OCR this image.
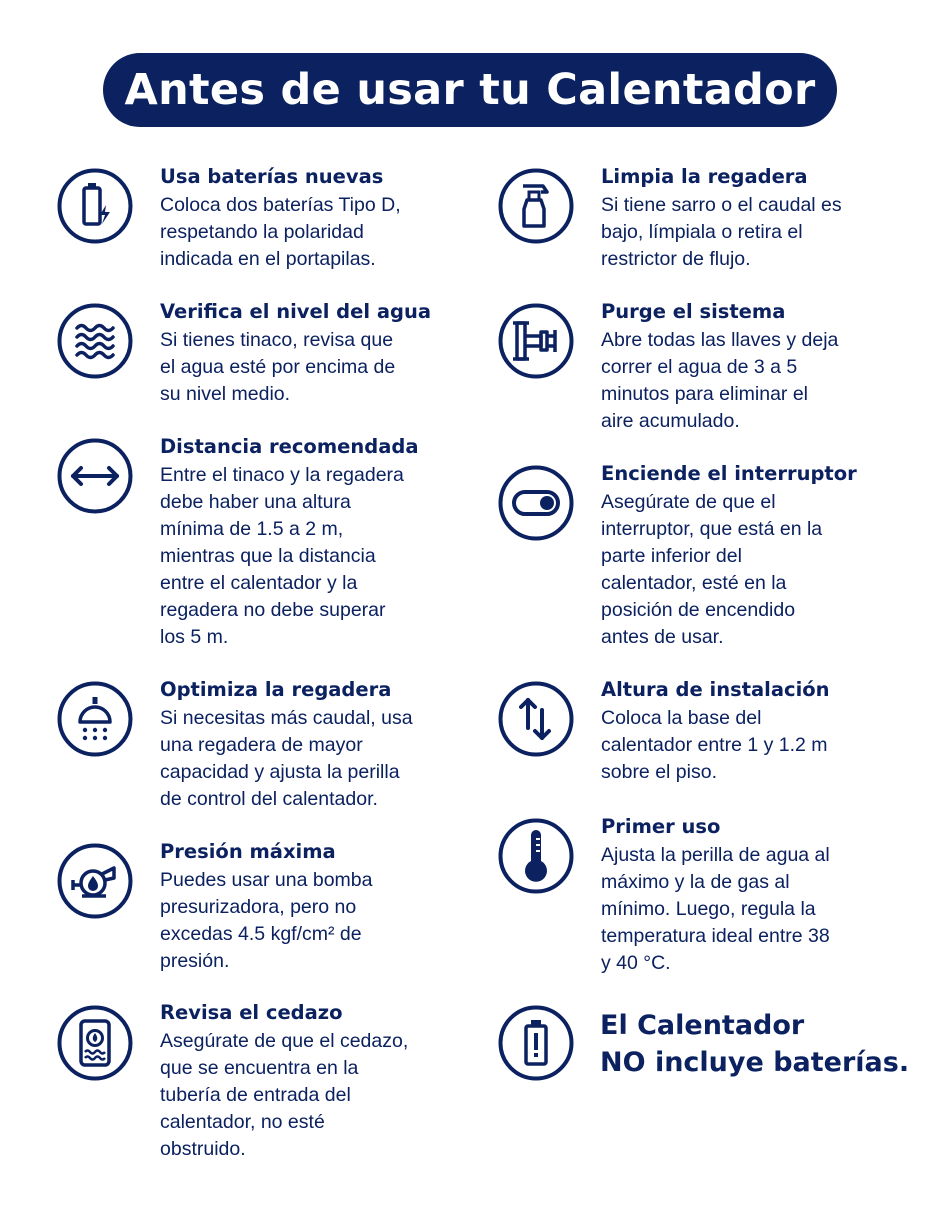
Antes de usar tu Calentador
Usa baterías nuevas

Coloca dos baterías Tipo D,

respetando la polaridad

indicada en el portapilas.

Verifica el nivel del agua

Si tienes tinaco, revisa que

el agua esté por encima de

su nivel medio.

Distancia recomendada

Entre el tinaco y la regadera

debe haber una altura

mínima de 1.5 a 2 m,

mientras que la distancia

entre el calentador y la

regadera no debe superar

los 5 m.

Optimiza la regadera

Si necesitas más caudal, usa

una regadera de mayor

capacidad y ajusta la perilla

de control del calentador.

Presión máxima

Puedes usar una bomba

presurizadora, pero no

excedas 4.5 kgf/cm² de

presión.

Revisa el cedazo

Asegúrate de que el cedazo,

que se encuentra en la

tubería de entrada del

calentador, no esté

obstruido.

Limpia la regadera

Si tiene sarro o el caudal es

bajo, límpiala o retira el

restrictor de flujo.

Purge el sistema

Abre todas las llaves y deja

correr el agua de 3 a 5

minutos para eliminar el

aire acumulado.

Enciende el interruptor

Asegúrate de que el

interruptor, que está en la

parte inferior del

calentador, esté en la

posición de encendido

antes de usar.

Altura de instalación

Coloca la base del

calentador entre 1 y 1.2 m

sobre el piso.

Primer uso

Ajusta la perilla de agua al

máximo y la de gas al

mínimo. Luego, regula la

temperatura ideal entre 38

y 40 °C.

El Calentador
NO incluye baterías.
